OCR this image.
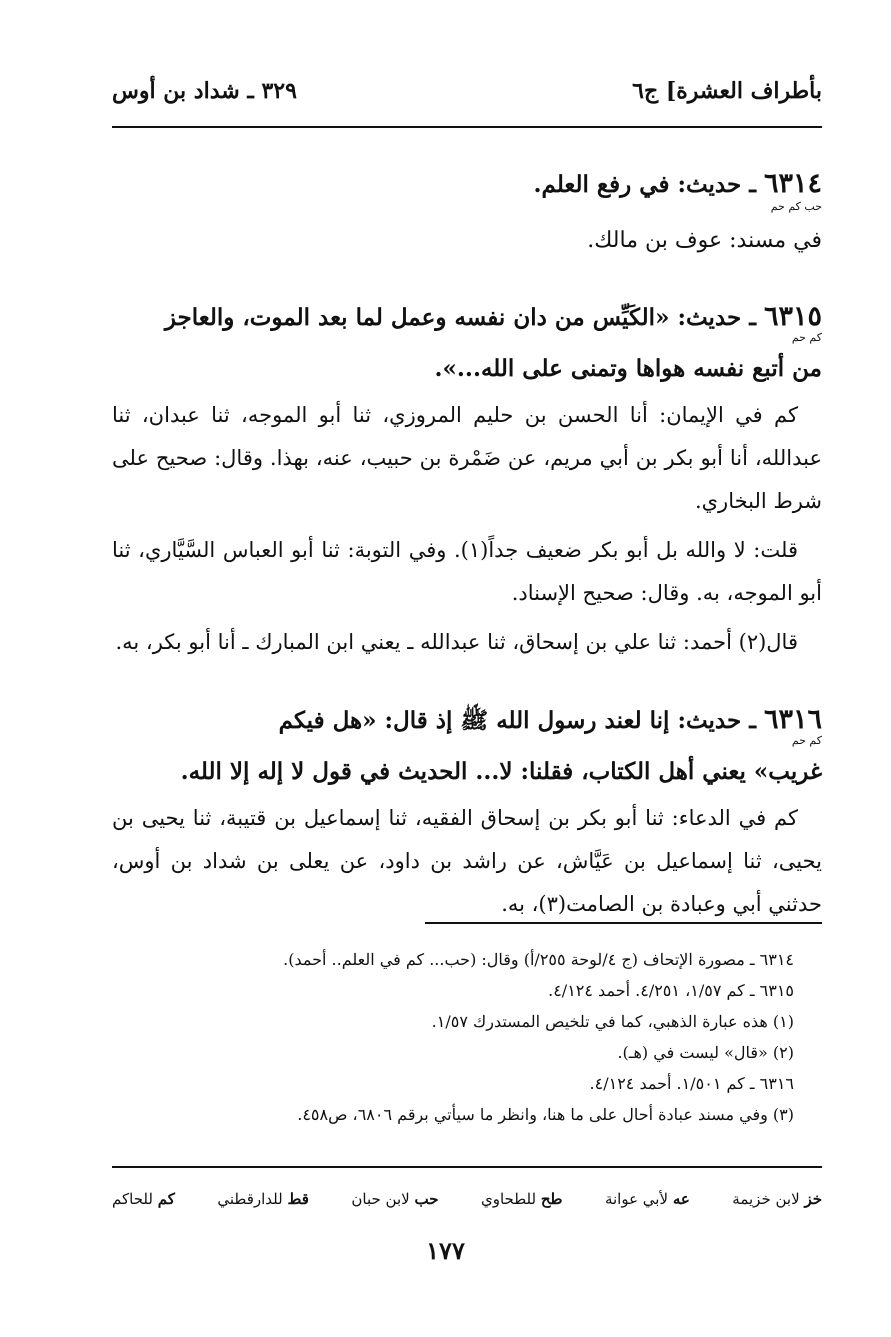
بأطراف العشرة] ج٦
٣٢٩ ـ شداد بن أوس

٦٣١٤ ـ حديث: في رفع العلم.

حب كم حم

في مسند: عوف بن مالك.

٦٣١٥ ـ حديث: «الكَيِّس من دان نفسه وعمل لما بعد الموت، والعاجز

كم حم

من أتبع نفسه هواها وتمنى على الله...».

كم في الإيمان: أنا الحسن بن حليم المروزي، ثنا أبو الموجه، ثنا عبدان، ثنا عبدالله، أنا أبو بكر بن أبي مريم، عن ضَمْرة بن حبيب، عنه، بهذا. وقال: صحيح على شرط البخاري.

قلت: لا والله بل أبو بكر ضعيف جداً(١). وفي التوبة: ثنا أبو العباس السَّيَّاري، ثنا أبو الموجه، به. وقال: صحيح الإسناد.

قال(٢) أحمد: ثنا علي بن إسحاق، ثنا عبدالله ـ يعني ابن المبارك ـ أنا أبو بكر، به.

٦٣١٦ ـ حديث: إنا لعند رسول الله ﷺ إذ قال: «هل فيكم

كم حم

غريب» يعني أهل الكتاب، فقلنا: لا... الحديث في قول لا إله إلا الله.

كم في الدعاء: ثنا أبو بكر بن إسحاق الفقيه، ثنا إسماعيل بن قتيبة، ثنا يحيى بن يحيى، ثنا إسماعيل بن عَيَّاش، عن راشد بن داود، عن يعلى بن شداد بن أوس، حدثني أبي وعبادة بن الصامت(٣)، به.

٦٣١٤ ـ مصورة الإتحاف (ج ٤/لوحة ٢٥٥/أ) وقال: (حب... كم في العلم.. أحمد).

٦٣١٥ ـ كم ١/٥٧، ٤/٢٥١. أحمد ٤/١٢٤.

(١) هذه عبارة الذهبي، كما في تلخيص المستدرك ١/٥٧.

(٢) «قال» ليست في (هـ).

٦٣١٦ ـ كم ١/٥٠١. أحمد ٤/١٢٤.

(٣) وفي مسند عبادة أحال على ما هنا، وانظر ما سيأتي برقم ٦٨٠٦، ص٤٥٨.

خز لابن خزيمة
عه لأبي عوانة
طح للطحاوي
حب لابن حبان
قط للدارقطني
كم للحاكم
١٧٧
